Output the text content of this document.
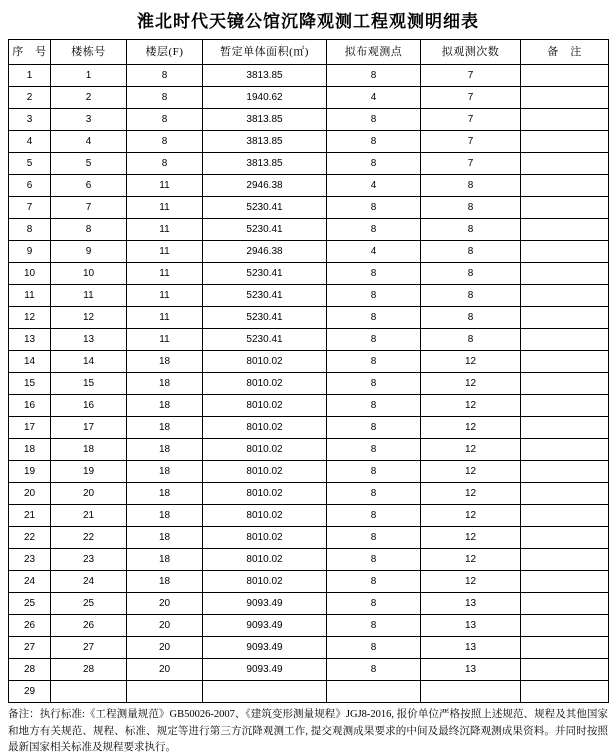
淮北时代天镜公馆沉降观测工程观测明细表
序　号	楼栋号	楼层(F)	暂定单体面积(㎡)	拟布观测点	拟观测次数	备　注
1	1	8	3813.85	8	7	
2	2	8	1940.62	4	7	
3	3	8	3813.85	8	7	
4	4	8	3813.85	8	7	
5	5	8	3813.85	8	7	
6	6	11	2946.38	4	8	
7	7	11	5230.41	8	8	
8	8	11	5230.41	8	8	
9	9	11	2946.38	4	8	
10	10	11	5230.41	8	8	
11	11	11	5230.41	8	8	
12	12	11	5230.41	8	8	
13	13	11	5230.41	8	8	
14	14	18	8010.02	8	12	
15	15	18	8010.02	8	12	
16	16	18	8010.02	8	12	
17	17	18	8010.02	8	12	
18	18	18	8010.02	8	12	
19	19	18	8010.02	8	12	
20	20	18	8010.02	8	12	
21	21	18	8010.02	8	12	
22	22	18	8010.02	8	12	
23	23	18	8010.02	8	12	
24	24	18	8010.02	8	12	
25	25	20	9093.49	8	13	
26	26	20	9093.49	8	13	
27	27	20	9093.49	8	13	
28	28	20	9093.49	8	13	
29						
备注：执行标准:《工程测量规范》GB50026-2007、《建筑变形测量规程》JGJ8-2016, 报价单位严格按照上述规范、规程及其他国家和地方有关规范、规程、标准、规定等进行第三方沉降观测工作, 提交观测成果要求的中间及最终沉降观测成果资料。并同时按照最新国家相关标准及规程要求执行。
